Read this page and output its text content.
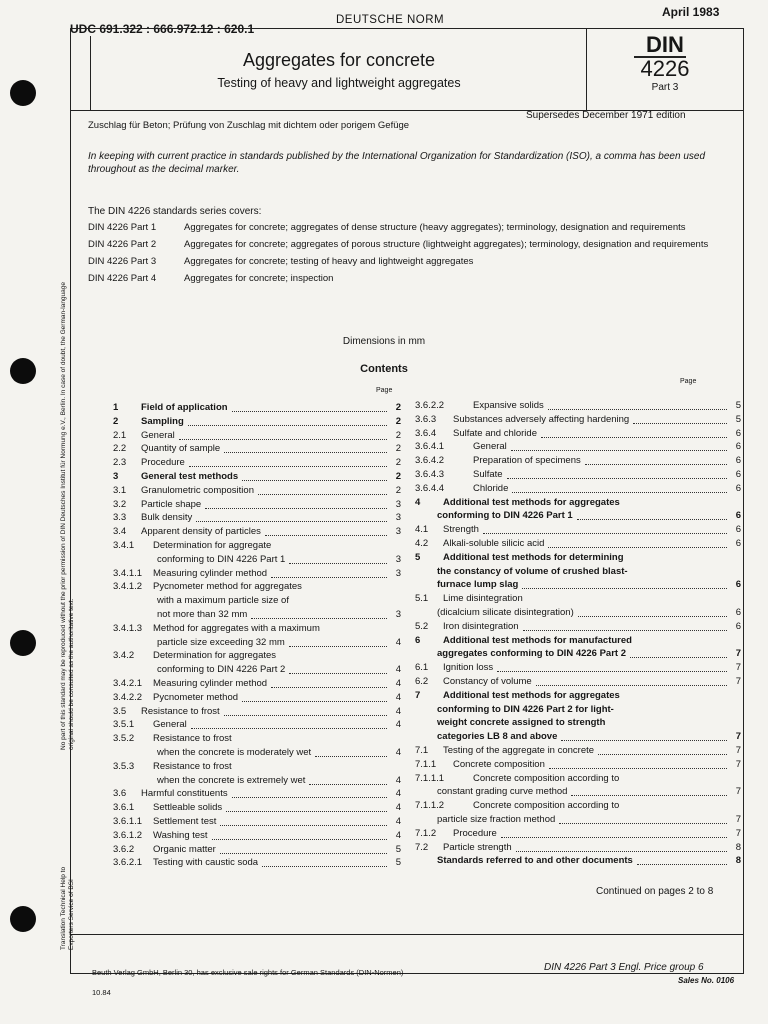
UDC 691.322 : 666.972.12 : 620.1
DEUTSCHE NORM
April 1983
Aggregates for concrete
Testing of heavy and lightweight aggregates
DIN
4226
Part 3
Zuschlag für Beton; Prüfung von Zuschlag mit dichtem oder porigem Gefüge
Supersedes December 1971 edition
In keeping with current practice in standards published by the International Organization for Standardization (ISO), a comma has been used throughout as the decimal marker.
The DIN 4226 standards series covers:
DIN 4226 Part 1	Aggregates for concrete; aggregates of dense structure (heavy aggregates); terminology, designation and requirements
DIN 4226 Part 2	Aggregates for concrete; aggregates of porous structure (lightweight aggregates); terminology, designation and requirements
DIN 4226 Part 3	Aggregates for concrete; testing of heavy and lightweight aggregates
DIN 4226 Part 4	Aggregates for concrete; inspection
Dimensions in mm
Contents
Page
Page
1 Field of application	2
2 Sampling	2
2.1 General	2
2.2 Quantity of sample	2
2.3 Procedure	2
3 General test methods	2
3.1 Granulometric composition	2
3.2 Particle shape	3
3.3 Bulk density	3
3.4 Apparent density of particles	3
3.4.1 Determination for aggregate
conforming to DIN 4226 Part 1	3
3.4.1.1 Measuring cylinder method	3
3.4.1.2 Pycnometer method for aggregates
with a maximum particle size of
not more than 32 mm	3
3.4.1.3 Method for aggregates with a maximum
particle size exceeding 32 mm	4
3.4.2 Determination for aggregates
conforming to DIN 4226 Part 2	4
3.4.2.1 Measuring cylinder method	4
3.4.2.2 Pycnometer method	4
3.5 Resistance to frost	4
3.5.1 General	4
3.5.2 Resistance to frost
when the concrete is moderately wet	4
3.5.3 Resistance to frost
when the concrete is extremely wet	4
3.6 Harmful constituents	4
3.6.1 Settleable solids	4
3.6.1.1 Settlement test	4
3.6.1.2 Washing test	4
3.6.2 Organic matter	5
3.6.2.1 Testing with caustic soda	5
3.6.2.2	Expansive solids	5
3.6.3 Substances adversely affecting hardening	5
3.6.4 Sulfate and chloride	6
3.6.4.1	General	6
3.6.4.2	Preparation of specimens	6
3.6.4.3	Sulfate	6
3.6.4.4	Chloride	6
4 Additional test methods for aggregates
conforming to DIN 4226 Part 1	6
4.1 Strength	6
4.2 Alkali-soluble silicic acid	6
5 Additional test methods for determining
the constancy of volume of crushed blast-
furnace lump slag	6
5.1 Lime disintegration
(dicalcium silicate disintegration)	6
5.2 Iron disintegration	6
6 Additional test methods for manufactured
aggregates conforming to DIN 4226 Part 2	7
6.1 Ignition loss	7
6.2 Constancy of volume	7
7 Additional test methods for aggregates
conforming to DIN 4226 Part 2 for light-
weight concrete assigned to strength
categories LB 8 and above	7
7.1 Testing of the aggregate in concrete	7
7.1.1 Concrete composition	7
7.1.1.1	Concrete composition according to
constant grading curve method	7
7.1.1.2	Concrete composition according to
particle size fraction method	7
7.1.2 Procedure	7
7.2 Particle strength	8
Standards referred to and other documents	8
Continued on pages 2 to 8
No part of this standard may be reproduced without the prior permission of DIN Deutsches Institut für Normung e.V., Berlin. In case of doubt, the German-language original should be consulted as the authoritative text.
Translation Technical Help to Exporters Service of BSI
Beuth Verlag GmbH, Berlin 30, has exclusive sale rights for German Standards (DIN-Normen)
10.84
DIN 4226 Part 3 Engl. Price group 6
Sales No. 0106
